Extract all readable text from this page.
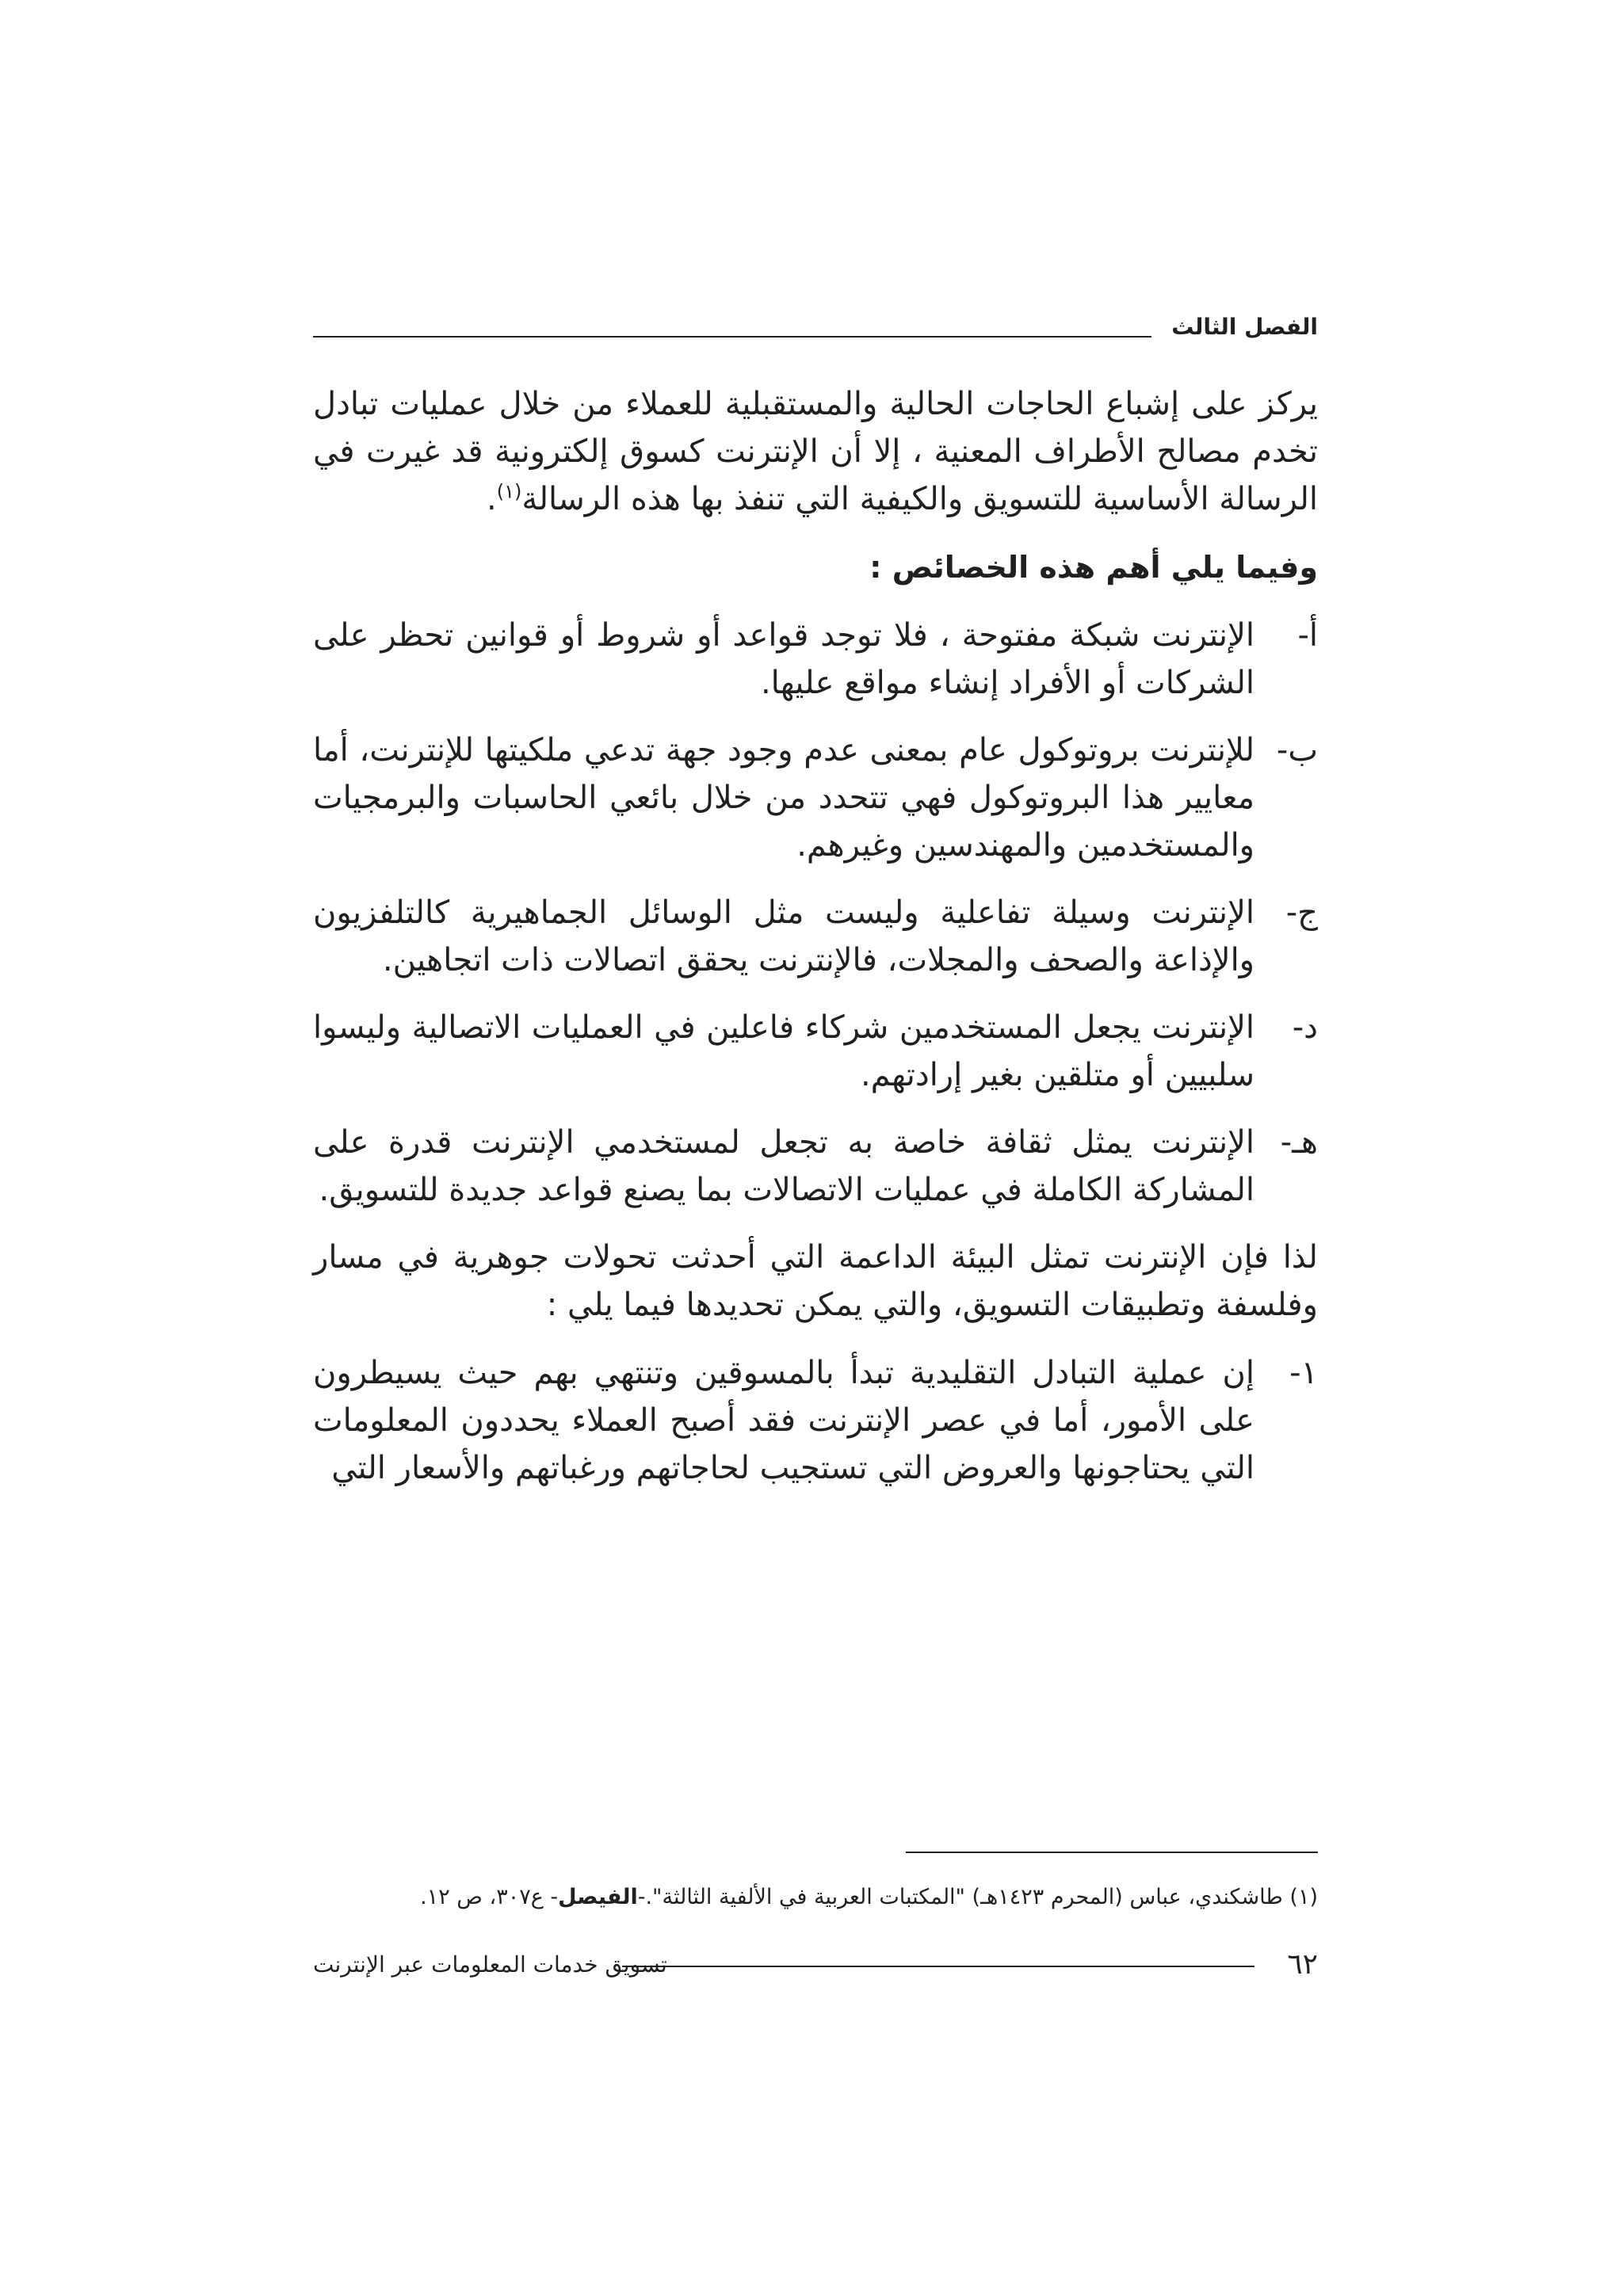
الفصل الثالث

يركز على إشباع الحاجات الحالية والمستقبلية للعملاء من خلال عمليات تبادل تخدم مصالح الأطراف المعنية ، إلا أن الإنترنت كسوق إلكترونية قد غيرت في الرسالة الأساسية للتسويق والكيفية التي تنفذ بها هذه الرسالة$^{(١)}$.

وفيما يلي أهم هذه الخصائص :

أ-
الإنترنت شبكة مفتوحة ، فلا توجد قواعد أو شروط أو قوانين تحظر على الشركات أو الأفراد إنشاء مواقع عليها.
ب-
للإنترنت بروتوكول عام بمعنى عدم وجود جهة تدعي ملكيتها للإنترنت، أما معايير هذا البروتوكول فهي تتحدد من خلال بائعي الحاسبات والبرمجيات والمستخدمين والمهندسين وغيرهم.
ج-
الإنترنت وسيلة تفاعلية وليست مثل الوسائل الجماهيرية كالتلفزيون والإذاعة والصحف والمجلات، فالإنترنت يحقق اتصالات ذات اتجاهين.
د-
الإنترنت يجعل المستخدمين شركاء فاعلين في العمليات الاتصالية وليسوا سلبيين أو متلقين بغير إرادتهم.
هـ-
الإنترنت يمثل ثقافة خاصة به تجعل لمستخدمي الإنترنت قدرة على المشاركة الكاملة في عمليات الاتصالات بما يصنع قواعد جديدة للتسويق.

لذا فإن الإنترنت تمثل البيئة الداعمة التي أحدثت تحولات جوهرية في مسار وفلسفة وتطبيقات التسويق، والتي يمكن تحديدها فيما يلي :

١-
إن عملية التبادل التقليدية تبدأ بالمسوقين وتنتهي بهم حيث يسيطرون على الأمور، أما في عصر الإنترنت فقد أصبح العملاء يحددون المعلومات التي يحتاجونها والعروض التي تستجيب لحاجاتهم ورغباتهم والأسعار التي
(١) طاشكندي، عباس (المحرم ١٤٢٣هـ) "المكتبات العربية في الألفية الثالثة".-الفيصل- ع٣٠٧، ص ١٢.
٦٢
تسويق خدمات المعلومات عبر الإنترنت
